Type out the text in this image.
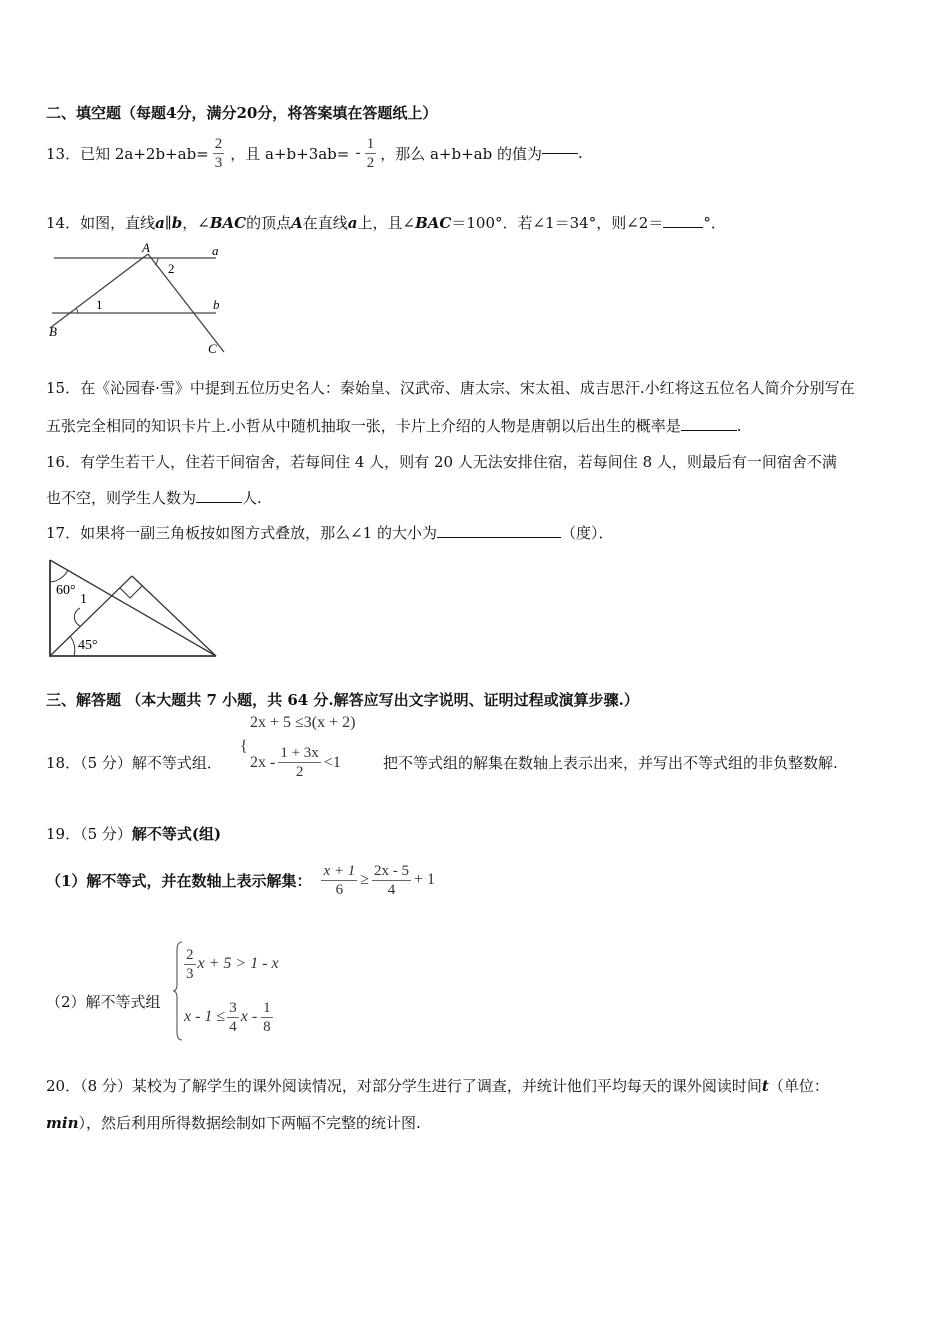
二、填空题（每题4分，满分20分，将答案填在答题纸上）
13． 已知 $2a+2b+ab= \frac{2}{3}$ ，且 $a+b+3ab= - \frac{1}{2}$ ，那么 a+b+ab 的值为 .
14．如图，直线a∥b，∠BAC的顶点A在直线a上，且∠BAC＝100°．若∠1＝34°，则∠2＝	°．
A	a
2
1	b
B
C
15．在《沁园春·雪》中提到五位历史名人：秦始皇、汉武帝、唐太宗、宋太祖、成吉思汗.小红将这五位名人简介分别写在
五张完全相同的知识卡片上.小哲从中随机抽取一张，卡片上介绍的人物是唐朝以后出生的概率是	.
16．有学生若干人，住若干间宿舍，若每间住 4 人，则有 20 人无法安排住宿，若每间住 8 人，则最后有一间宿舍不满
也不空，则学生人数为	人.
17．如果将一副三角板按如图方式叠放，那么∠1 的大小为	（度）．
60°
1
45°
三、解答题 （本大题共 7 小题，共 64 分.解答应写出文字说明、证明过程或演算步骤.）
2x + 5 ≤3(x + 2)
18．（5 分）解不等式组．
{
$2x - \frac{1 + 3x}{2} <1$	把不等式组的解集在数轴上表示出来，并写出不等式组的非负整数解.
19．（5 分）解不等式(组)
（1）解不等式，并在数轴上表示解集： $\frac{x + 1}{6} \ge \frac{2x - 5}{4} + 1$
（2）解不等式组
$\frac{2}{3}$ x + 5 > 1 - x
$x - 1 \le \frac{3}{4}$ x - $\frac{1}{8}$
20．（8 分）某校为了解学生的课外阅读情况，对部分学生进行了调查，并统计他们平均每天的课外阅读时间t（单位：
min），然后利用所得数据绘制如下两幅不完整的统计图.
